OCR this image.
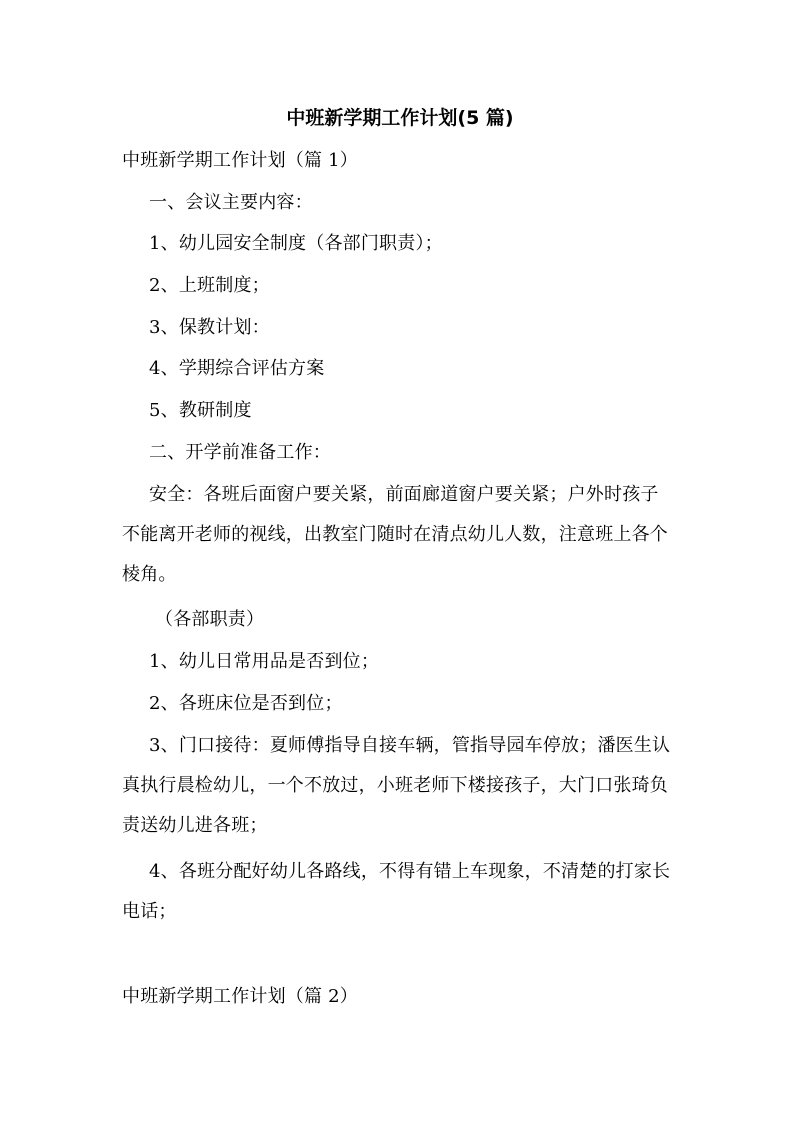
中班新学期工作计划(5 篇)
中班新学期工作计划（篇 1）
一、会议主要内容：
1、幼儿园安全制度（各部门职责）；
2、上班制度；
3、保教计划：
4、学期综合评估方案
5、教研制度
二、开学前准备工作：
安全：各班后面窗户要关紧，前面廊道窗户要关紧；户外时孩子
不能离开老师的视线，出教室门随时在清点幼儿人数，注意班上各个
棱角。
（各部职责）
1、幼儿日常用品是否到位；
2、各班床位是否到位；
3、门口接待：夏师傅指导自接车辆，管指导园车停放；潘医生认
真执行晨检幼儿，一个不放过，小班老师下楼接孩子，大门口张琦负
责送幼儿进各班；
4、各班分配好幼儿各路线，不得有错上车现象，不清楚的打家长
电话；
中班新学期工作计划（篇 2）
